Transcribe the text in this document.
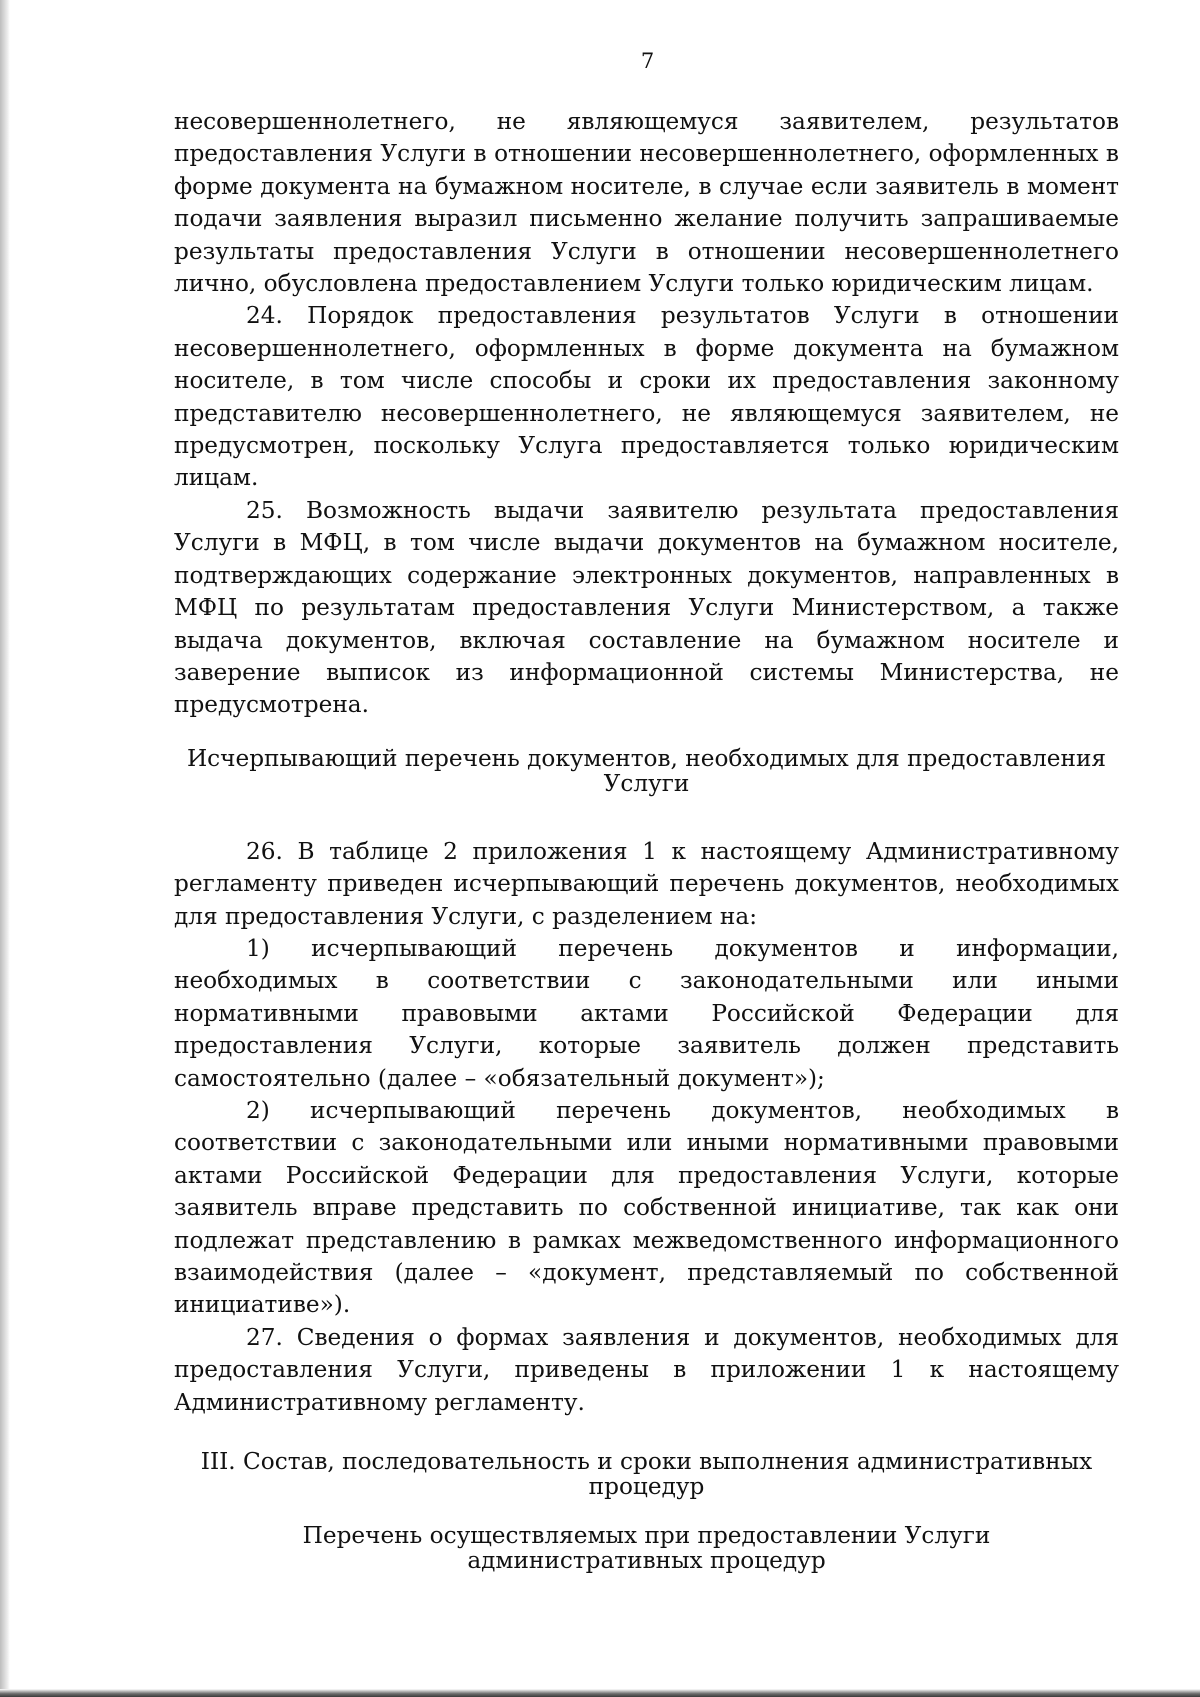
7

несовершеннолетнего, не являющемуся заявителем, результатов предоставления Услуги в отношении несовершеннолетнего, оформленных в форме документа на бумажном носителе, в случае если заявитель в момент подачи заявления выразил письменно желание получить запрашиваемые результаты предоставления Услуги в отношении несовершеннолетнего лично, обусловлена предоставлением Услуги только юридическим лицам.

24. Порядок предоставления результатов Услуги в отношении несовершеннолетнего, оформленных в форме документа на бумажном носителе, в том числе способы и сроки их предоставления законному представителю несовершеннолетнего, не являющемуся заявителем, не предусмотрен, поскольку Услуга предоставляется только юридическим лицам.

25. Возможность выдачи заявителю результата предоставления Услуги в МФЦ, в том числе выдачи документов на бумажном носителе, подтверждающих содержание электронных документов, направленных в МФЦ по результатам предоставления Услуги Министерством, а также выдача документов, включая составление на бумажном носителе и заверение выписок из информационной системы Министерства, не предусмотрена.

Исчерпывающий перечень документов, необходимых для предоставления
Услуги

26. В таблице 2 приложения 1 к настоящему Административному регламенту приведен исчерпывающий перечень документов, необходимых для предоставления Услуги, с разделением на:

1) исчерпывающий перечень документов и информации, необходимых в соответствии с законодательными или иными нормативными правовыми актами Российской Федерации для предоставления Услуги, которые заявитель должен представить самостоятельно (далее – «обязательный документ»);

2) исчерпывающий перечень документов, необходимых в соответствии с законодательными или иными нормативными правовыми актами Российской Федерации для предоставления Услуги, которые заявитель вправе представить по собственной инициативе, так как они подлежат представлению в рамках межведомственного информационного взаимодействия (далее – «документ, представляемый по собственной инициативе»).

27. Сведения о формах заявления и документов, необходимых для предоставления Услуги, приведены в приложении 1 к настоящему Административному регламенту.

III. Состав, последовательность и сроки выполнения административных
процедур
Перечень осуществляемых при предоставлении Услуги
административных процедур
